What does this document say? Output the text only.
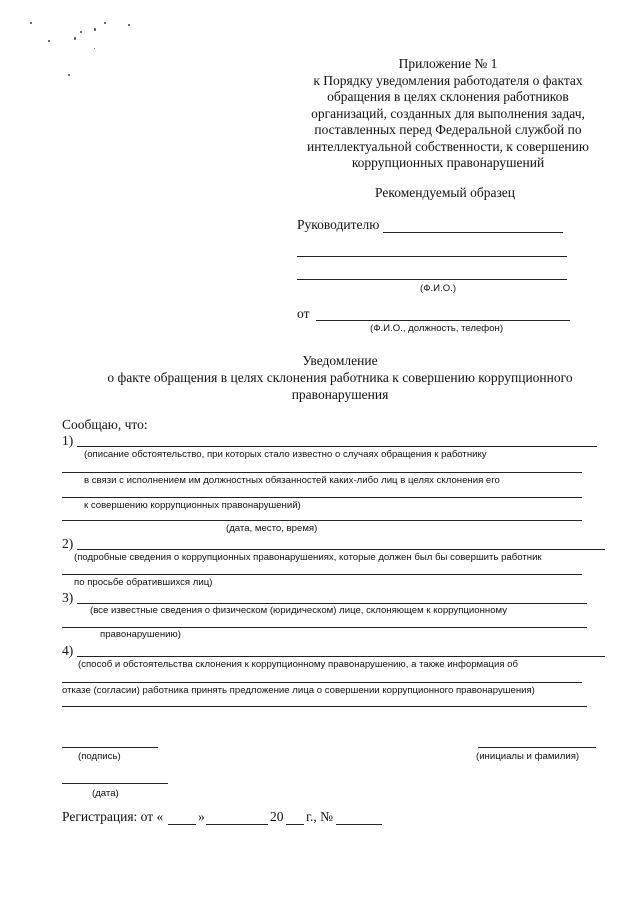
Приложение № 1
к Порядку уведомления работодателя о фактах
обращения в целях склонения работников
организаций, созданных для выполнения задач,
поставленных перед Федеральной службой по
интеллектуальной собственности, к совершению
коррупционных правонарушений
Рекомендуемый образец
Руководителю
(Ф.И.О.)
от
(Ф.И.О., должность, телефон)
Уведомление
о факте обращения в целях склонения работника к совершению коррупционного
правонарушения
Сообщаю, что:
1)
(описание обстоятельство, при которых стало известно о случаях обращения к работнику
в связи с исполнением им должностных обязанностей каких-либо лиц в целях склонения его
к совершению коррупционных правонарушений)
(дата, место, время)
2)
(подробные сведения о коррупционных правонарушениях, которые должен был бы совершить работник
по просьбе обратившихся лиц)
3)
(все известные сведения о физическом (юридическом) лице, склоняющем к коррупционному
правонарушению)
4)
(способ и обстоятельства склонения к коррупционному правонарушению, а также информация об
отказе (согласии) работника принять предложение лица о совершении коррупционного правонарушения)
(подпись)	(инициалы и фамилия)
(дата)
Регистрация: от «	»	20 г., №
